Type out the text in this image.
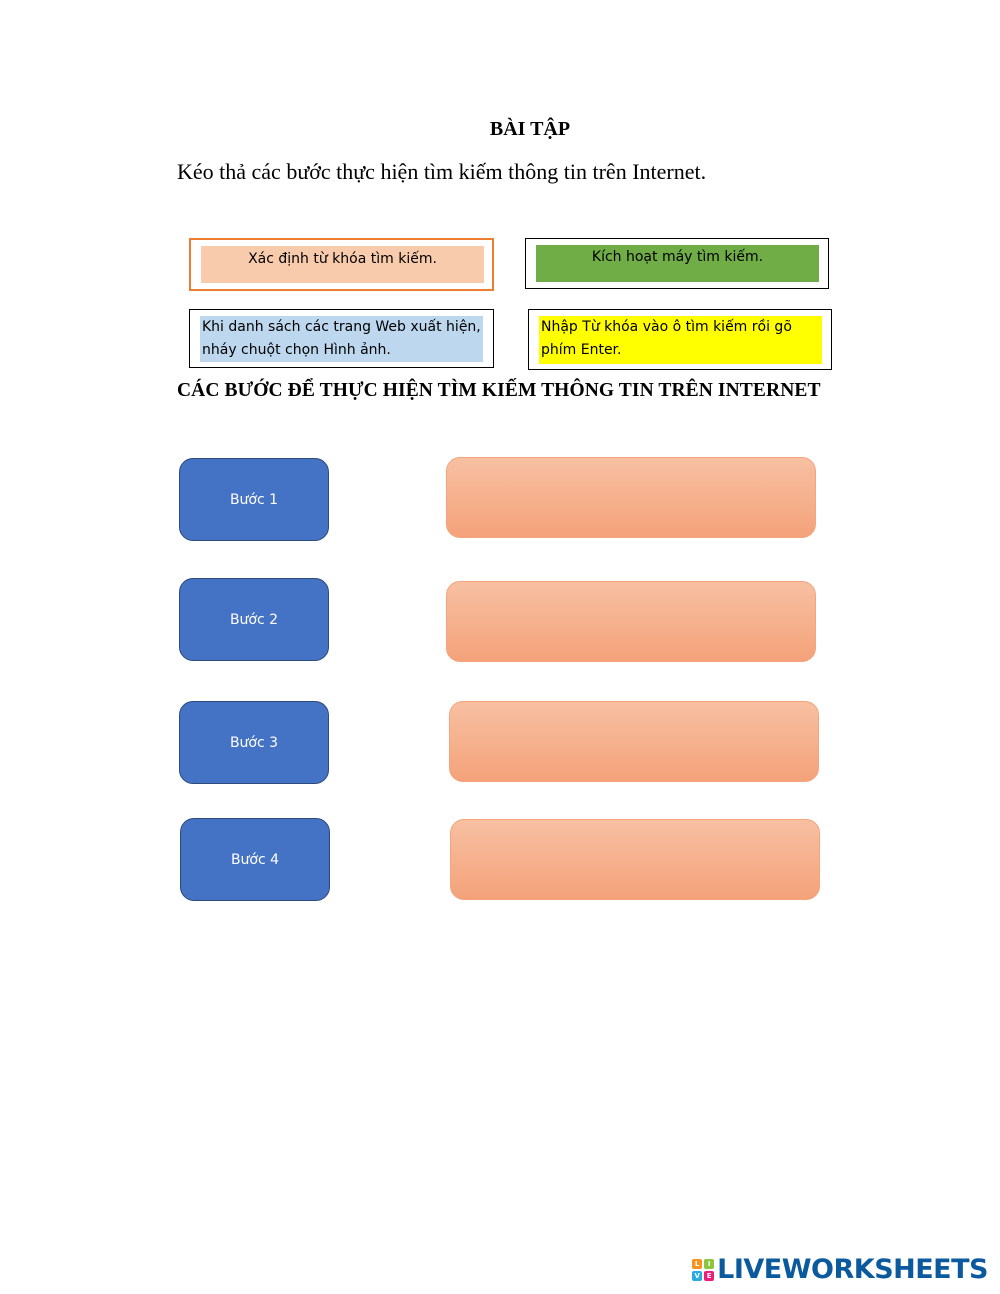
BÀI TẬP
Kéo thả các bước thực hiện tìm kiếm thông tin trên Internet.
Xác định từ khóa tìm kiếm.	Kích hoạt máy tìm kiếm.
Khi danh sách các trang Web xuất hiện, nháy chuột chọn Hình ảnh.
Nhập Từ khóa vào ô tìm kiếm rồi gõ phím Enter.
CÁC BƯỚC ĐỂ THỰC HIỆN TÌM KIẾM THÔNG TIN TRÊN INTERNET
Bước 1
Bước 2
Bước 3
Bước 4
L	I
V E LIVEWORKSHEETS
